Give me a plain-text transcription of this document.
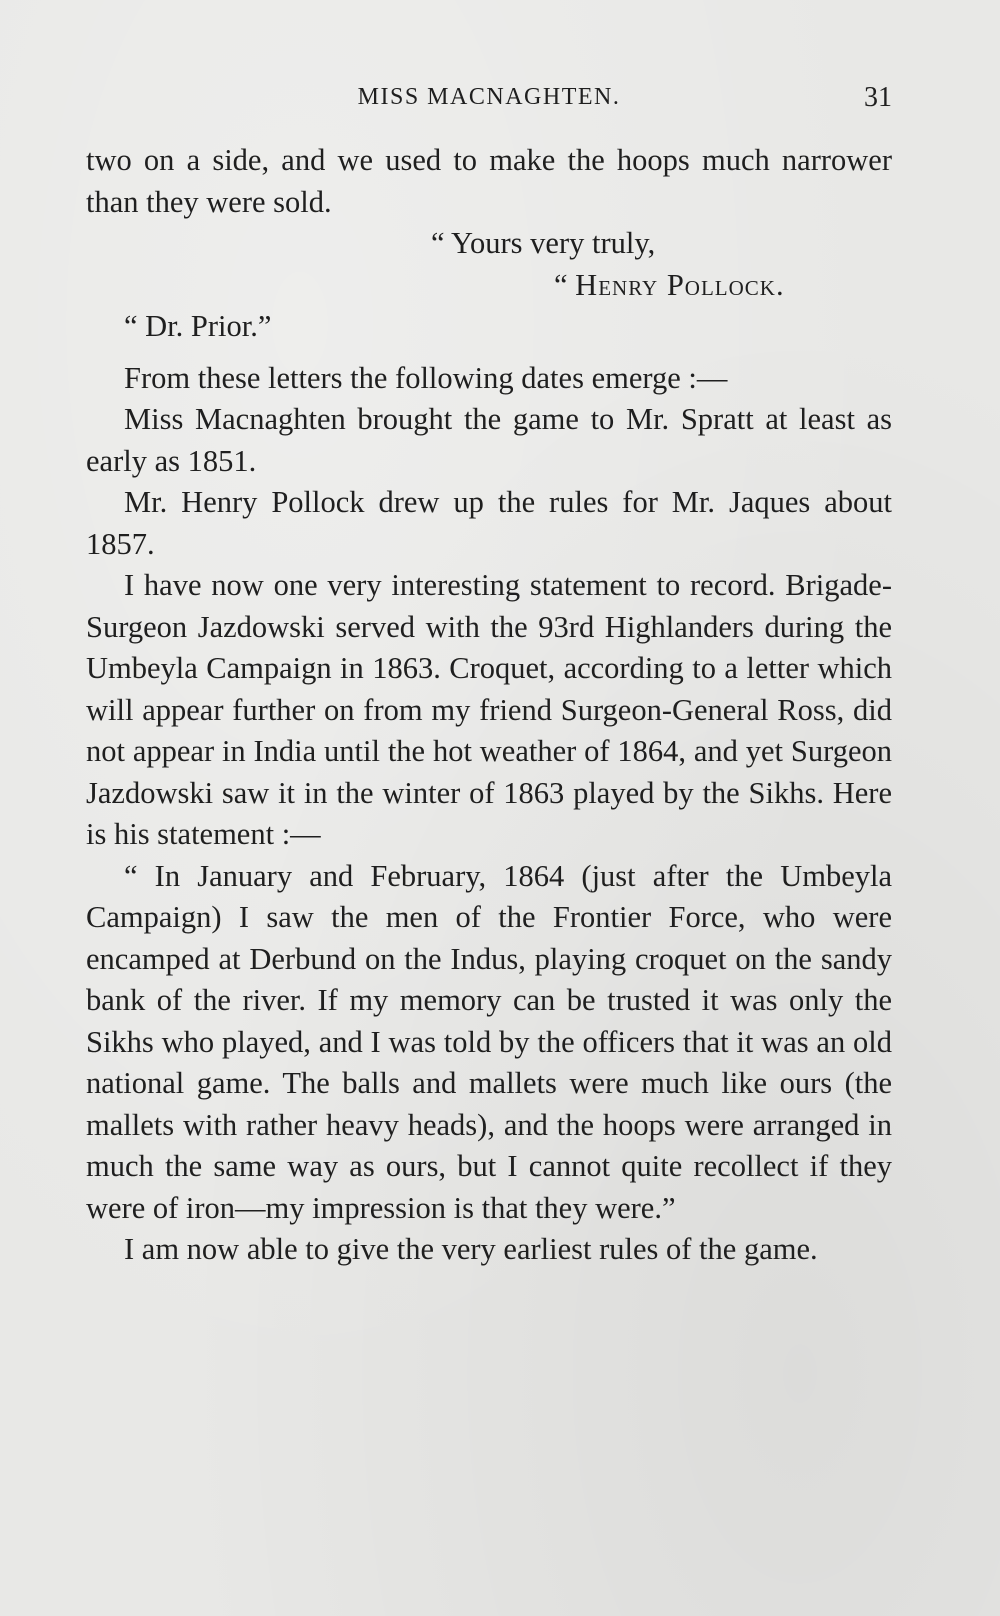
MISS MACNAGHTEN.	31

two on a side, and we used to make the hoops much narrower than they were sold.

“ Yours very truly,

“ Henry Pollock.

“ Dr. Prior.”

From these letters the following dates emerge :—

Miss Macnaghten brought the game to Mr. Spratt at least as early as 1851.

Mr. Henry Pollock drew up the rules for Mr. Jaques about 1857.

I have now one very interesting statement to record. Brigade-Surgeon Jazdowski served with the 93rd Highlanders during the Umbeyla Campaign in 1863. Croquet, according to a letter which will appear further on from my friend Surgeon-General Ross, did not appear in India until the hot weather of 1864, and yet Surgeon Jazdowski saw it in the winter of 1863 played by the Sikhs. Here is his statement :—

“ In January and February, 1864 (just after the Umbeyla Campaign) I saw the men of the Frontier Force, who were encamped at Derbund on the Indus, playing croquet on the sandy bank of the river. If my memory can be trusted it was only the Sikhs who played, and I was told by the officers that it was an old national game. The balls and mallets were much like ours (the mallets with rather heavy heads), and the hoops were arranged in much the same way as ours, but I cannot quite recollect if they were of iron—my impression is that they were.”

I am now able to give the very earliest rules of the game.
